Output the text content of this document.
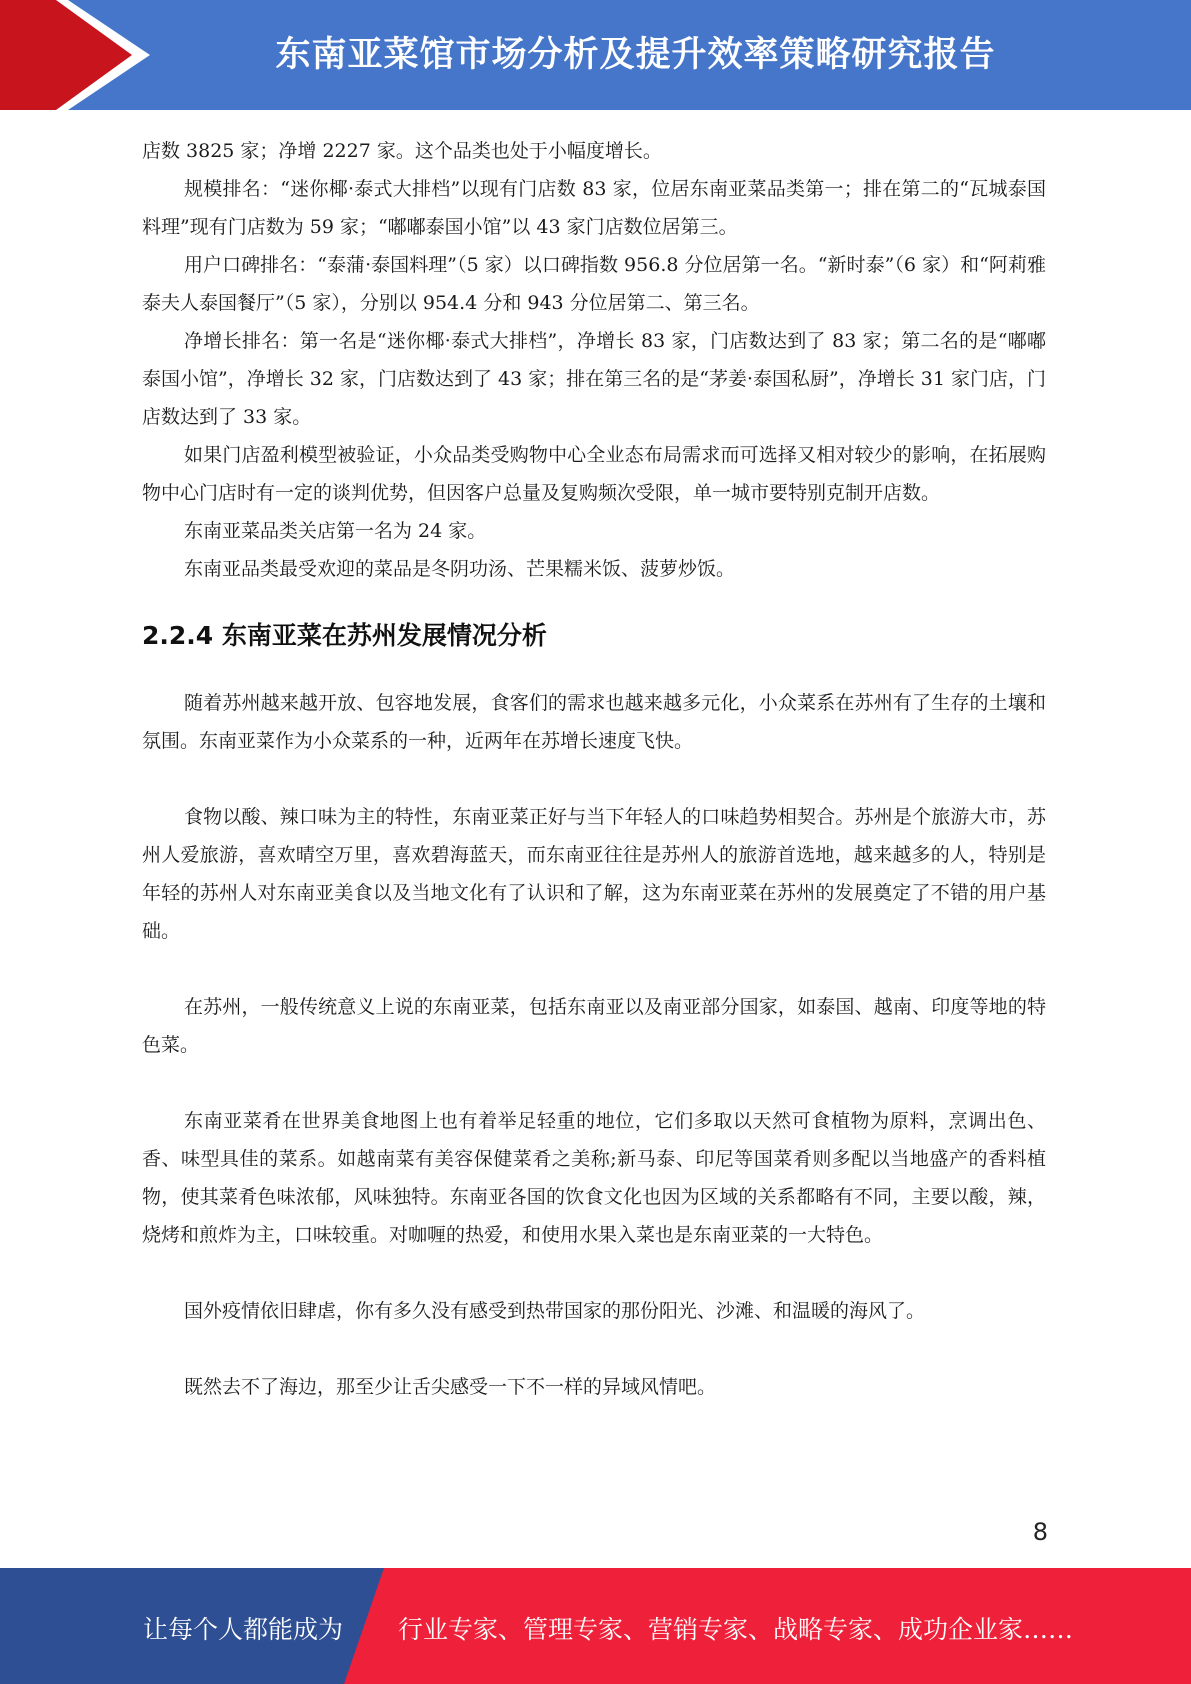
东南亚菜馆市场分析及提升效率策略研究报告

店数 3825 家；净增 2227 家。这个品类也处于小幅度增长。

规模排名：“迷你椰·泰式大排档”以现有门店数 83 家，位居东南亚菜品类第一；排在第二的“瓦城泰国料理”现有门店数为 59 家；“嘟嘟泰国小馆”以 43 家门店数位居第三。

用户口碑排名：“泰蒲·泰国料理”（5 家）以口碑指数 956.8 分位居第一名。“新时泰”（6 家）和“阿莉雅泰夫人泰国餐厅”（5 家），分别以 954.4 分和 943 分位居第二、第三名。

净增长排名：第一名是“迷你椰·泰式大排档”，净增长 83 家，门店数达到了 83 家；第二名的是“嘟嘟泰国小馆”，净增长 32 家，门店数达到了 43 家；排在第三名的是“茅姜·泰国私厨”，净增长 31 家门店，门店数达到了 33 家。

如果门店盈利模型被验证，小众品类受购物中心全业态布局需求而可选择又相对较少的影响，在拓展购物中心门店时有一定的谈判优势，但因客户总量及复购频次受限，单一城市要特别克制开店数。

东南亚菜品类关店第一名为 24 家。

东南亚品类最受欢迎的菜品是冬阴功汤、芒果糯米饭、菠萝炒饭。

2.2.4 东南亚菜在苏州发展情况分析

随着苏州越来越开放、包容地发展，食客们的需求也越来越多元化，小众菜系在苏州有了生存的土壤和氛围。东南亚菜作为小众菜系的一种，近两年在苏增长速度飞快。

食物以酸、辣口味为主的特性，东南亚菜正好与当下年轻人的口味趋势相契合。苏州是个旅游大市，苏州人爱旅游，喜欢晴空万里，喜欢碧海蓝天，而东南亚往往是苏州人的旅游首选地，越来越多的人，特别是年轻的苏州人对东南亚美食以及当地文化有了认识和了解，这为东南亚菜在苏州的发展奠定了不错的用户基础。

在苏州，一般传统意义上说的东南亚菜，包括东南亚以及南亚部分国家，如泰国、越南、印度等地的特色菜。

东南亚菜肴在世界美食地图上也有着举足轻重的地位，它们多取以天然可食植物为原料，烹调出色、香、味型具佳的菜系。如越南菜有美容保健菜肴之美称;新马泰、印尼等国菜肴则多配以当地盛产的香料植物，使其菜肴色味浓郁，风味独特。东南亚各国的饮食文化也因为区域的关系都略有不同，主要以酸，辣，烧烤和煎炸为主，口味较重。对咖喱的热爱，和使用水果入菜也是东南亚菜的一大特色。

国外疫情依旧肆虐，你有多久没有感受到热带国家的那份阳光、沙滩、和温暖的海风了。

既然去不了海边，那至少让舌尖感受一下不一样的异域风情吧。

8
让每个人都能成为 行业专家、管理专家、营销专家、战略专家、成功企业家……
